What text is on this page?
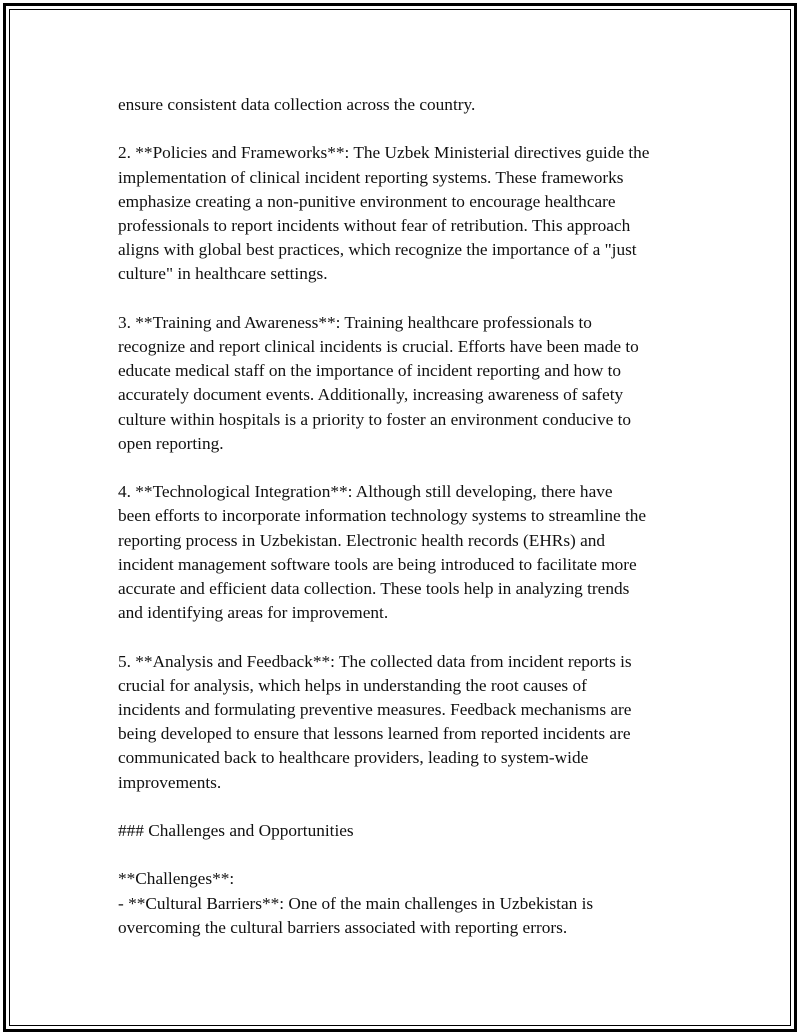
ensure consistent data collection across the country.

2. **Policies and Frameworks**: The Uzbek Ministerial directives guide the
implementation of clinical incident reporting systems. These frameworks
emphasize creating a non-punitive environment to encourage healthcare
professionals to report incidents without fear of retribution. This approach
aligns with global best practices, which recognize the importance of a "just
culture" in healthcare settings.

3. **Training and Awareness**: Training healthcare professionals to
recognize and report clinical incidents is crucial. Efforts have been made to
educate medical staff on the importance of incident reporting and how to
accurately document events. Additionally, increasing awareness of safety
culture within hospitals is a priority to foster an environment conducive to
open reporting.

4. **Technological Integration**: Although still developing, there have
been efforts to incorporate information technology systems to streamline the
reporting process in Uzbekistan. Electronic health records (EHRs) and
incident management software tools are being introduced to facilitate more
accurate and efficient data collection. These tools help in analyzing trends
and identifying areas for improvement.

5. **Analysis and Feedback**: The collected data from incident reports is
crucial for analysis, which helps in understanding the root causes of
incidents and formulating preventive measures. Feedback mechanisms are
being developed to ensure that lessons learned from reported incidents are
communicated back to healthcare providers, leading to system-wide
improvements.

### Challenges and Opportunities

**Challenges**:
- **Cultural Barriers**: One of the main challenges in Uzbekistan is
overcoming the cultural barriers associated with reporting errors.
